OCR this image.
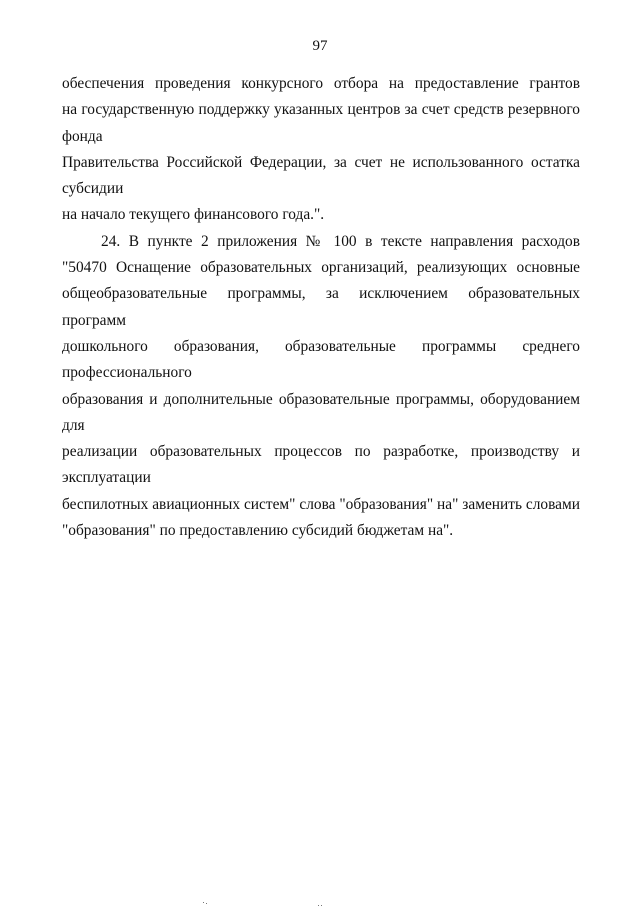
97
обеспечения проведения конкурсного отбора на предоставление грантов
на государственную поддержку указанных центров за счет средств резервного фонда
Правительства Российской Федерации, за счет не использованного остатка субсидии
на начало текущего финансового года.".
24. В пункте 2 приложения № 100 в тексте направления расходов
"50470 Оснащение образовательных организаций, реализующих основные
общеобразовательные программы, за исключением образовательных программ
дошкольного образования, образовательные программы среднего профессионального
образования и дополнительные образовательные программы, оборудованием для
реализации образовательных процессов по разработке, производству и эксплуатации
беспилотных авиационных систем" слова "образования" на" заменить словами
"образования" по предоставлению субсидий бюджетам на".
